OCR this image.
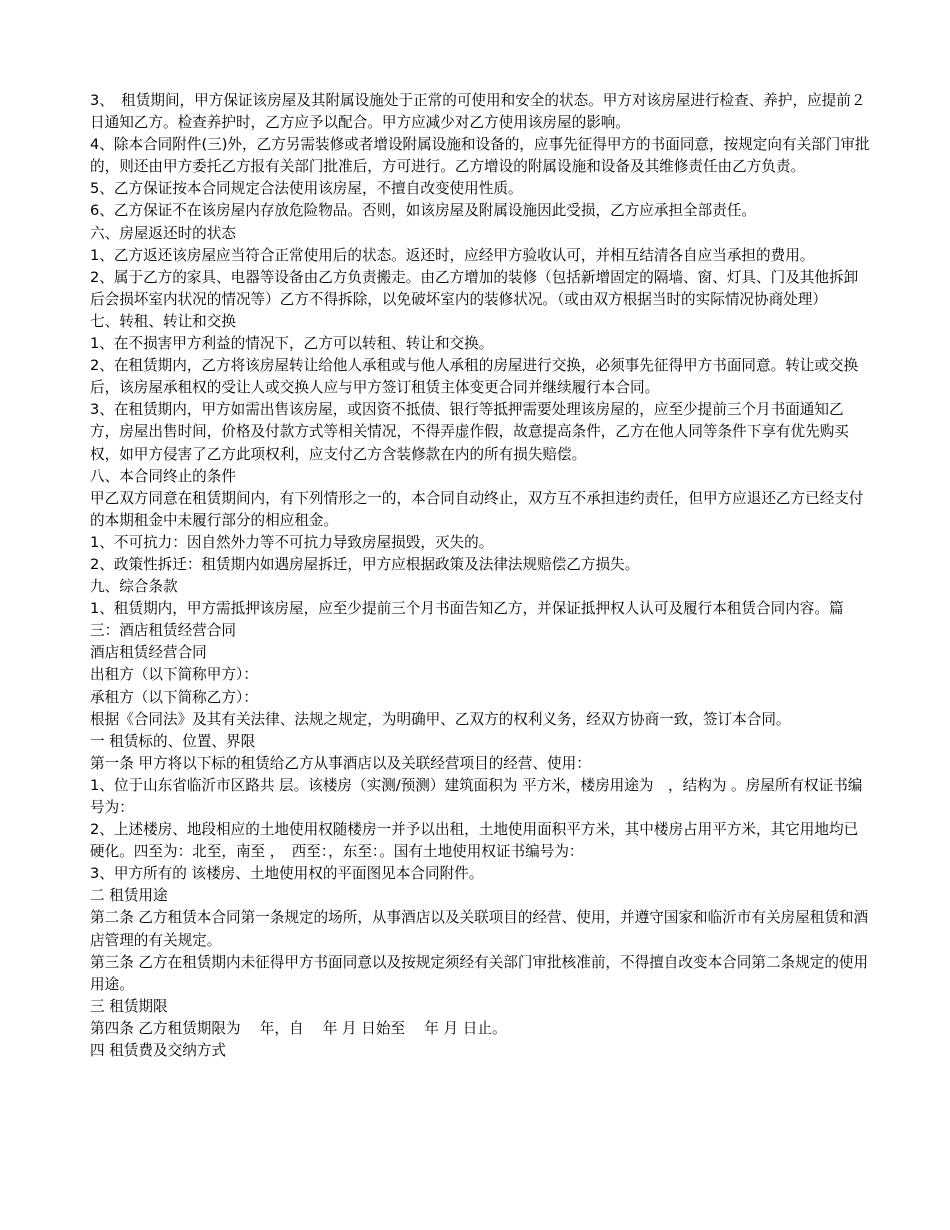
3、　租赁期间，甲方保证该房屋及其附属设施处于正常的可使用和安全的状态。甲方对该房屋进行检查、养护，应提前２日通知乙方。检查养护时，乙方应予以配合。甲方应减少对乙方使用该房屋的影响。

4、除本合同附件(三)外，乙方另需装修或者增设附属设施和设备的，应事先征得甲方的书面同意，按规定向有关部门审批的，则还由甲方委托乙方报有关部门批准后，方可进行。乙方增设的附属设施和设备及其维修责任由乙方负责。

5、乙方保证按本合同规定合法使用该房屋，不擅自改变使用性质。

6、乙方保证不在该房屋内存放危险物品。否则，如该房屋及附属设施因此受损，乙方应承担全部责任。

六、房屋返还时的状态

1、乙方返还该房屋应当符合正常使用后的状态。返还时，应经甲方验收认可，并相互结清各自应当承担的费用。

2、属于乙方的家具、电器等设备由乙方负责搬走。由乙方增加的装修（包括新增固定的隔墙、窗、灯具、门及其他拆卸后会损坏室内状况的情况等）乙方不得拆除，以免破坏室内的装修状况。（或由双方根据当时的实际情况协商处理）

七、转租、转让和交换

1、在不损害甲方利益的情况下，乙方可以转租、转让和交换。

2、在租赁期内，乙方将该房屋转让给他人承租或与他人承租的房屋进行交换，必须事先征得甲方书面同意。转让或交换后，该房屋承租权的受让人或交换人应与甲方签订租赁主体变更合同并继续履行本合同。

3、在租赁期内，甲方如需出售该房屋，或因资不抵债、银行等抵押需要处理该房屋的，应至少提前三个月书面通知乙方，房屋出售时间，价格及付款方式等相关情况，不得弄虚作假，故意提高条件，乙方在他人同等条件下享有优先购买权，如甲方侵害了乙方此项权利，应支付乙方含装修款在内的所有损失赔偿。

八、本合同终止的条件

甲乙双方同意在租赁期间内，有下列情形之一的，本合同自动终止，双方互不承担违约责任，但甲方应退还乙方已经支付的本期租金中未履行部分的相应租金。

1、不可抗力：因自然外力等不可抗力导致房屋损毁，灭失的。

2、政策性拆迁：租赁期内如遇房屋拆迁，甲方应根据政策及法律法规赔偿乙方损失。

九、综合条款

1、租赁期内，甲方需抵押该房屋，应至少提前三个月书面告知乙方，并保证抵押权人认可及履行本租赁合同内容。篇三：酒店租赁经营合同

酒店租赁经营合同

出租方（以下简称甲方）：

承租方（以下简称乙方）：

根据《合同法》及其有关法律、法规之规定，为明确甲、乙双方的权利义务，经双方协商一致，签订本合同。

一 租赁标的、位置、界限

第一条 甲方将以下标的租赁给乙方从事酒店以及关联经营项目的经营、使用：

1、位于山东省临沂市区路共 层。该楼房（实测/预测）建筑面积为 平方米，楼房用途为　，结构为 。房屋所有权证书编号为：

2、上述楼房、地段相应的土地使用权随楼房一并予以出租，土地使用面积平方米，其中楼房占用平方米，其它用地均已硬化。四至为：北至，南至 ，　西至：，东至：。国有土地使用权证书编号为：

3、甲方所有的 该楼房、土地使用权的平面图见本合同附件。

二 租赁用途

第二条 乙方租赁本合同第一条规定的场所，从事酒店以及关联项目的经营、使用，并遵守国家和临沂市有关房屋租赁和酒店管理的有关规定。

第三条 乙方在租赁期内未征得甲方书面同意以及按规定须经有关部门审批核准前，不得擅自改变本合同第二条规定的使用用途。

三 租赁期限

第四条 乙方租赁期限为　 年，自　 年 月 日始至　 年 月 日止。

四 租赁费及交纳方式
